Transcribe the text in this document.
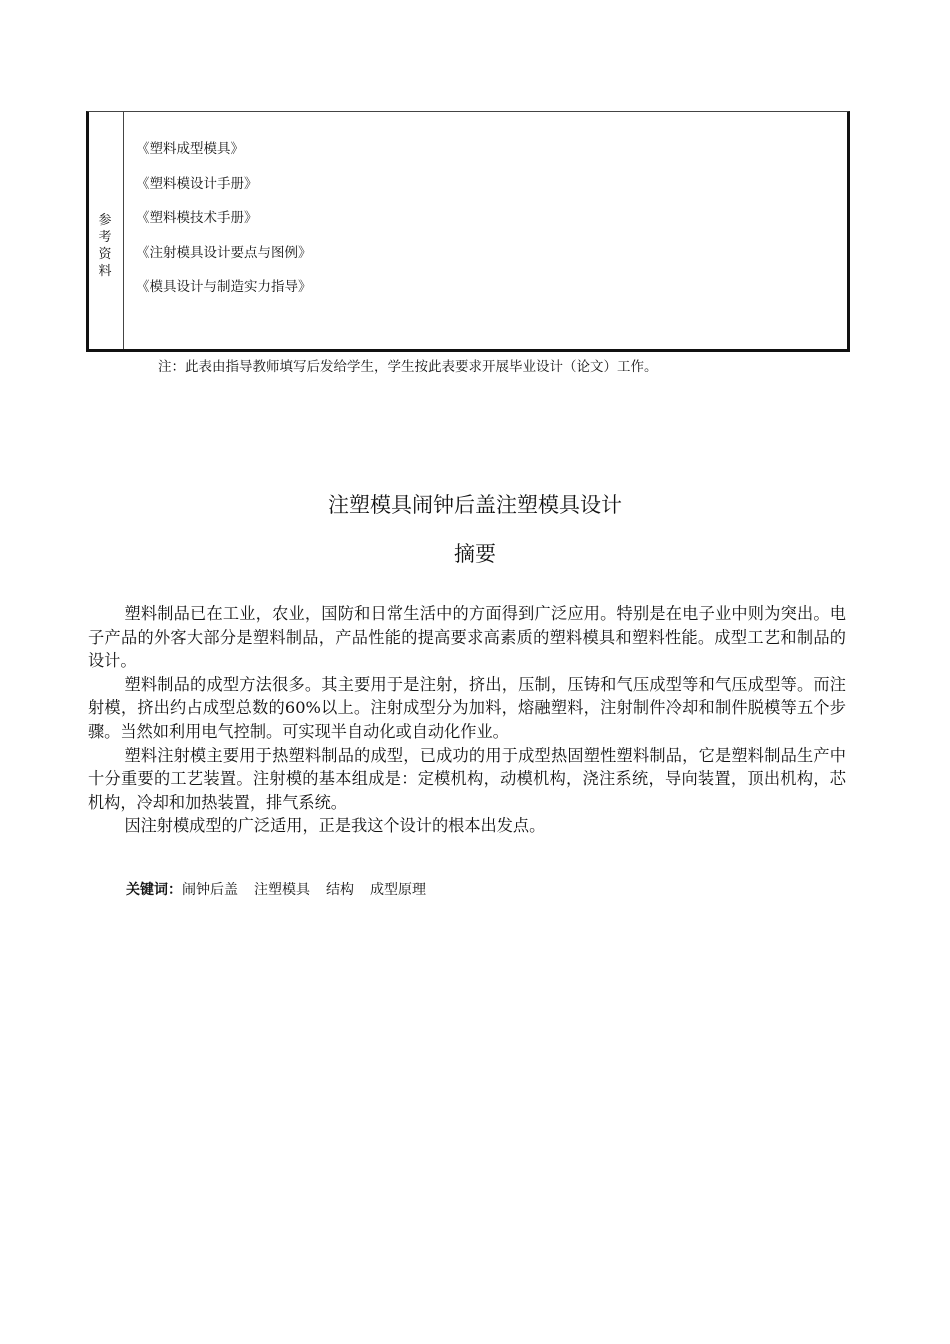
参考资料
《塑料成型模具》
《塑料模设计手册》
《塑料模技术手册》
《注射模具设计要点与图例》
《模具设计与制造实力指导》
注：此表由指导教师填写后发给学生，学生按此表要求开展毕业设计（论文）工作。
注塑模具闹钟后盖注塑模具设计
摘要

塑料制品已在工业，农业，国防和日常生活中的方面得到广泛应用。特别是在电子业中则为突出。电子产品的外客大部分是塑料制品，产品性能的提高要求高素质的塑料模具和塑料性能。成型工艺和制品的设计。

塑料制品的成型方法很多。其主要用于是注射，挤出，压制，压铸和气压成型等和气压成型等。而注射模，挤出约占成型总数的60%以上。注射成型分为加料，熔融塑料，注射制件冷却和制件脱模等五个步骤。当然如利用电气控制。可实现半自动化或自动化作业。

塑料注射模主要用于热塑料制品的成型，已成功的用于成型热固塑性塑料制品，它是塑料制品生产中十分重要的工艺装置。注射模的基本组成是：定模机构，动模机构，浇注系统，导向装置，顶出机构，芯机构，冷却和加热装置，排气系统。

因注射模成型的广泛适用，正是我这个设计的根本出发点。

关键词：闹钟后盖 注塑模具 结构 成型原理
